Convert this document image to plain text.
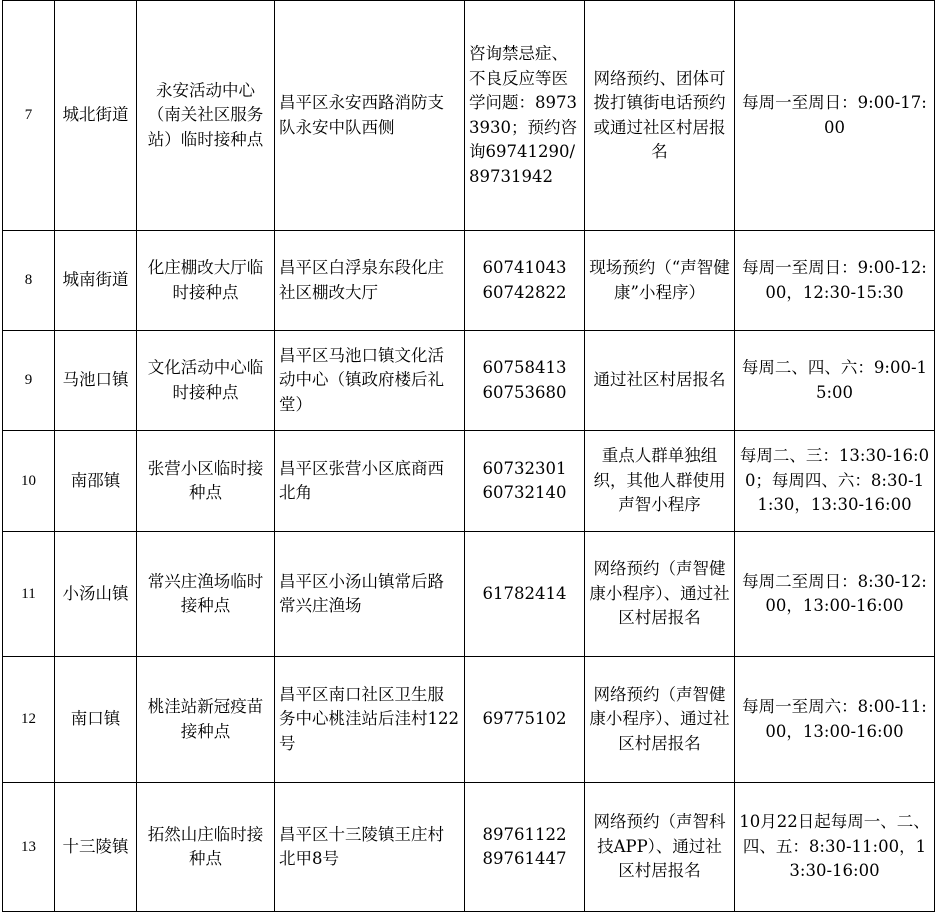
7	城北街道	永安活动中心（南关社区服务站）临时接种点	昌平区永安西路消防支队永安中队西侧	咨询禁忌症、不良反应等医学问题：89733930；预约咨询69741290/89731942	网络预约、团体可拨打镇街电话预约或通过社区村居报名	每周一至周日：9:00-17:00
8	城南街道	化庄棚改大厅临时接种点	昌平区白浮泉东段化庄社区棚改大厅	60741043 60742822	现场预约（“声智健康”小程序）	每周一至周日：9:00-12:00，12:30-15:30
9	马池口镇	文化活动中心临时接种点	昌平区马池口镇文化活动中心（镇政府楼后礼堂）	60758413 60753680	通过社区村居报名	每周二、四、六：9:00-15:00
10	南邵镇	张营小区临时接种点	昌平区张营小区底商西北角	60732301 60732140	重点人群单独组织，其他人群使用声智小程序	每周二、三：13:30-16:00；每周四、六：8:30-11:30，13:30-16:00
11	小汤山镇	常兴庄渔场临时接种点	昌平区小汤山镇常后路常兴庄渔场	61782414	网络预约（声智健康小程序）、通过社区村居报名	每周二至周日：8:30-12:00，13:00-16:00
12	南口镇	桃洼站新冠疫苗接种点	昌平区南口社区卫生服务中心桃洼站后洼村122号	69775102	网络预约（声智健康小程序）、通过社区村居报名	每周一至周六：8:00-11:00，13:00-16:00
13	十三陵镇	拓然山庄临时接种点	昌平区十三陵镇王庄村北甲8号	89761122 89761447	网络预约（声智科技APP）、通过社区村居报名	10月22日起每周一、二、四、五：8:30-11:00，13:30-16:00
